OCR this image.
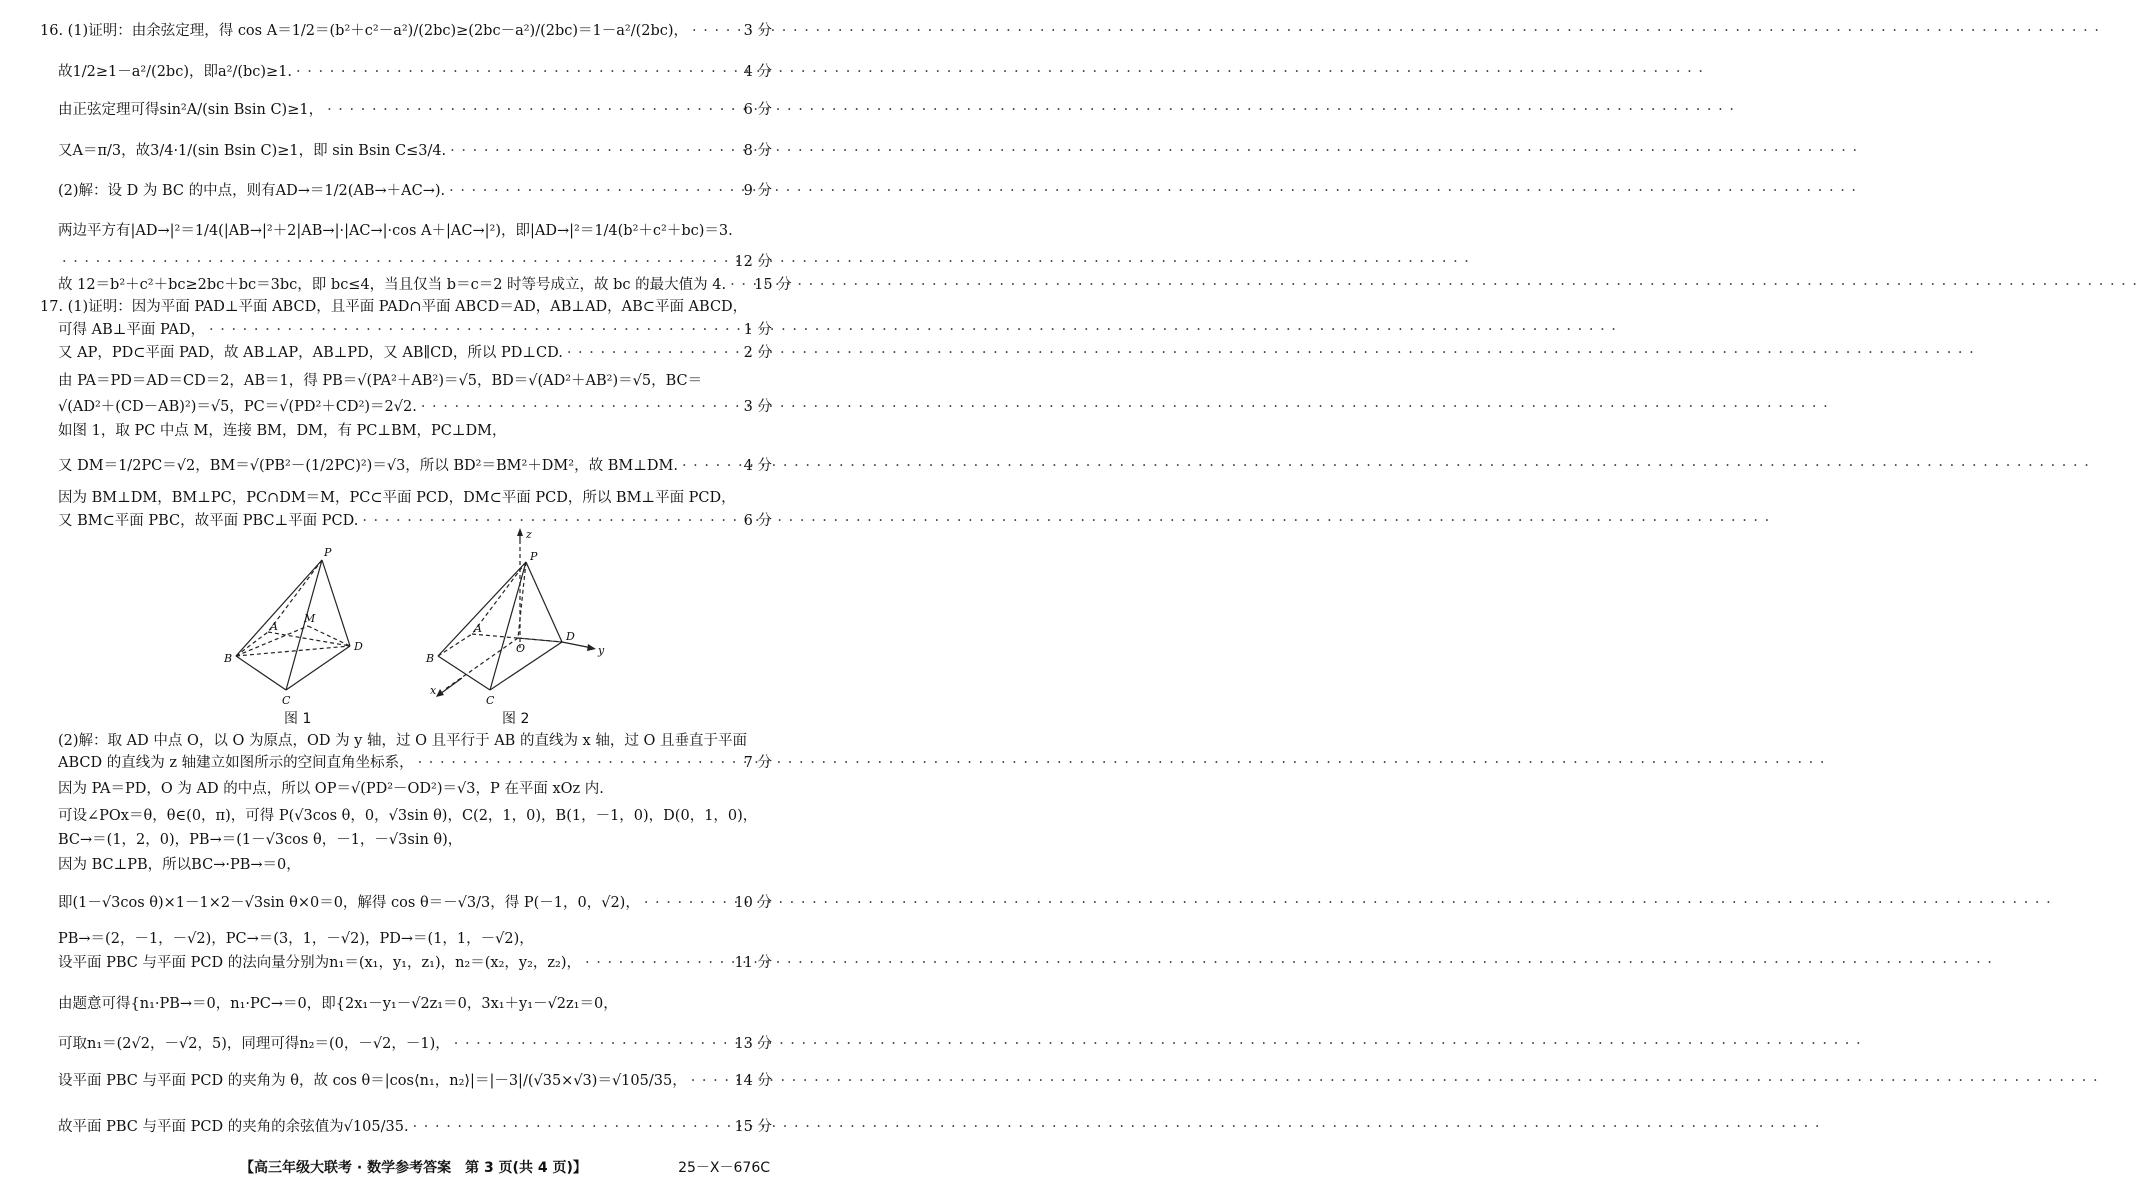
16. (1)证明：由余弦定理，得 cos A＝1/2＝(b²＋c²－a²)/(2bc)≥(2bc－a²)/(2bc)＝1－a²/(2bc)， · · ·	3 分
故1/2≥1－a²/(2bc)，即a²/(bc)≥1. · · ·	4 分
由正弦定理可得sin²A/(sin Bsin C)≥1， · · ·	6 分
又A＝π/3，故3/4·1/(sin Bsin C)≥1，即 sin Bsin C≤3/4. · · ·	8 分
(2)解：设 D 为 BC 的中点，则有AD→＝1/2(AB→＋AC→). · · ·	9 分
两边平方有|AD→|²＝1/4(|AB→|²＋2|AB→|·|AC→|·cos A＋|AC→|²)，即|AD→|²＝1/4(b²＋c²＋bc)＝3.
· · ·
12 分
故 12＝b²＋c²＋bc≥2bc＋bc＝3bc，即 bc≤4，当且仅当 b＝c＝2 时等号成立，故 bc 的最大值为 4. · · · 15 分
17. (1)证明：因为平面 PAD⊥平面 ABCD，且平面 PAD∩平面 ABCD＝AD，AB⊥AD，AB⊂平面 ABCD，
可得 AB⊥平面 PAD， · · ·	1 分
又 AP，PD⊂平面 PAD，故 AB⊥AP，AB⊥PD，又 AB∥CD，所以 PD⊥CD. · · ·	2 分
由 PA＝PD＝AD＝CD＝2，AB＝1，得 PB＝√(PA²＋AB²)＝√5，BD＝√(AD²＋AB²)＝√5，BC＝
√(AD²＋(CD－AB)²)＝√5，PC＝√(PD²＋CD²)＝2√2. · · ·	3 分
如图 1，取 PC 中点 M，连接 BM，DM，有 PC⊥BM，PC⊥DM，
又 DM＝1/2PC＝√2，BM＝√(PB²－(1/2PC)²)＝√3，所以 BD²＝BM²＋DM²，故 BM⊥DM. · · ·	4 分
因为 BM⊥DM，BM⊥PC，PC∩DM＝M，PC⊂平面 PCD，DM⊂平面 PCD，所以 BM⊥平面 PCD，
又 BM⊂平面 PBC，故平面 PBC⊥平面 PCD. · · ·	6 分
P
A
M
B
D
C
z
P
A
O
D
y
B
C
x
图 1	图 2
(2)解：取 AD 中点 O，以 O 为原点，OD 为 y 轴，过 O 且平行于 AB 的直线为 x 轴，过 O 且垂直于平面
ABCD 的直线为 z 轴建立如图所示的空间直角坐标系， · · ·	7 分
因为 PA＝PD，O 为 AD 的中点，所以 OP＝√(PD²－OD²)＝√3，P 在平面 xOz 内.
可设∠POx＝θ，θ∈(0，π)，可得 P(√3cos θ，0，√3sin θ)，C(2，1，0)，B(1，－1，0)，D(0，1，0)，
BC→＝(1，2，0)，PB→＝(1－√3cos θ，－1，－√3sin θ)，
因为 BC⊥PB，所以BC→·PB→＝0，
即(1－√3cos θ)×1－1×2－√3sin θ×0＝0，解得 cos θ＝－√3/3，得 P(－1，0，√2)， · · ·	10 分
PB→＝(2，－1，－√2)，PC→＝(3，1，－√2)，PD→＝(1，1，－√2)，
设平面 PBC 与平面 PCD 的法向量分别为n₁＝(x₁，y₁，z₁)，n₂＝(x₂，y₂，z₂)， · · ·	11 分
由题意可得{n₁·PB→＝0，n₁·PC→＝0，即{2x₁－y₁－√2z₁＝0，3x₁＋y₁－√2z₁＝0，
可取n₁＝(2√2，－√2，5)，同理可得n₂＝(0，－√2，－1)， · · ·	13 分
设平面 PBC 与平面 PCD 的夹角为 θ，故 cos θ＝|cos⟨n₁，n₂⟩|＝|－3|/(√35×√3)＝√105/35， · · ·	14 分
故平面 PBC 与平面 PCD 的夹角的余弦值为√105/35. · · ·	15 分
【高三年级大联考 · 数学参考答案　第 3 页(共 4 页)】	25－X－676C
